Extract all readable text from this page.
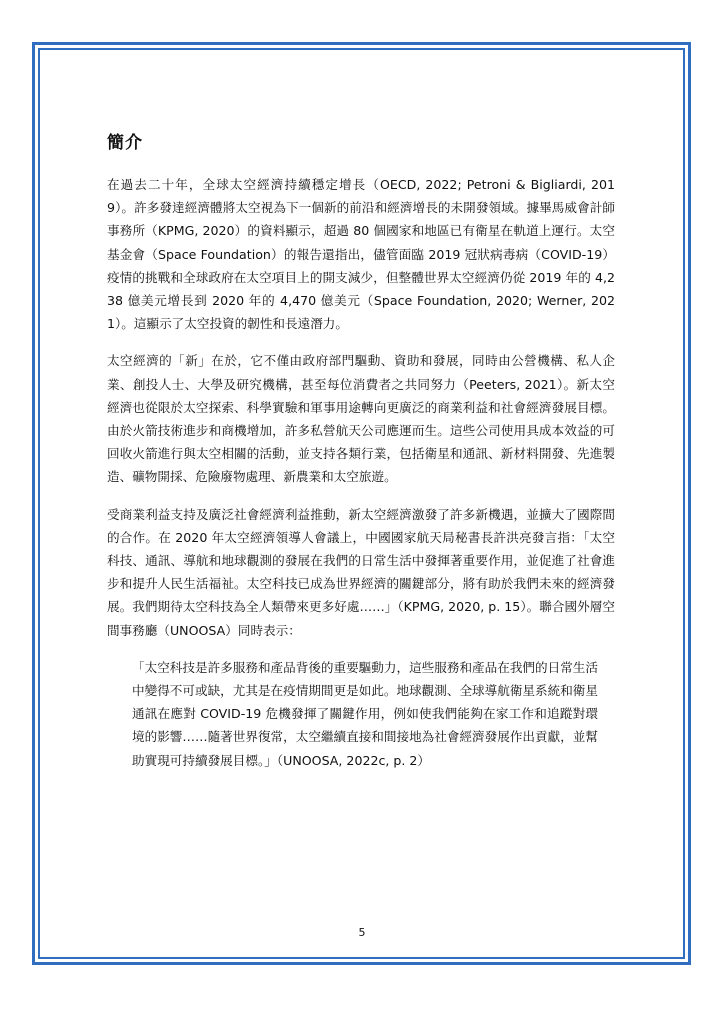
簡介

在過去二十年，全球太空經濟持續穩定增長（OECD, 2022; Petroni & Bigliardi, 2019）。許多發達經濟體將太空視為下一個新的前沿和經濟增長的未開發領域。據畢馬威會計師事務所（KPMG, 2020）的資料顯示，超過 80 個國家和地區已有衛星在軌道上運行。太空基金會（Space Foundation）的報告還指出，儘管面臨 2019 冠狀病毒病（COVID-19）疫情的挑戰和全球政府在太空項目上的開支減少，但整體世界太空經濟仍從 2019 年的 4,238 億美元增長到 2020 年的 4,470 億美元（Space Foundation, 2020; Werner, 2021）。這顯示了太空投資的韌性和長遠潛力。

太空經濟的「新」在於，它不僅由政府部門驅動、資助和發展，同時由公營機構、私人企業、創投人士、大學及研究機構，甚至每位消費者之共同努力（Peeters, 2021）。新太空經濟也從限於太空探索、科學實驗和軍事用途轉向更廣泛的商業利益和社會經濟發展目標。由於火箭技術進步和商機增加，許多私營航天公司應運而生。這些公司使用具成本效益的可回收火箭進行與太空相關的活動，並支持各類行業，包括衛星和通訊、新材料開發、先進製造、礦物開採、危險廢物處理、新農業和太空旅遊。

受商業利益支持及廣泛社會經濟利益推動，新太空經濟激發了許多新機遇，並擴大了國際間的合作。在 2020 年太空經濟領導人會議上，中國國家航天局秘書長許洪亮發言指：「太空科技、通訊、導航和地球觀測的發展在我們的日常生活中發揮著重要作用，並促進了社會進步和提升人民生活福祉。太空科技已成為世界經濟的關鍵部分，將有助於我們未來的經濟發展。我們期待太空科技為全人類帶來更多好處……」（KPMG, 2020, p. 15）。聯合國外層空間事務廳（UNOOSA）同時表示：

「太空科技是許多服務和產品背後的重要驅動力，這些服務和產品在我們的日常生活中變得不可或缺，尤其是在疫情期間更是如此。地球觀測、全球導航衛星系統和衛星通訊在應對 COVID-19 危機發揮了關鍵作用，例如使我們能夠在家工作和追蹤對環境的影響……隨著世界復常，太空繼續直接和間接地為社會經濟發展作出貢獻，並幫助實現可持續發展目標。」（UNOOSA, 2022c, p. 2）

5
